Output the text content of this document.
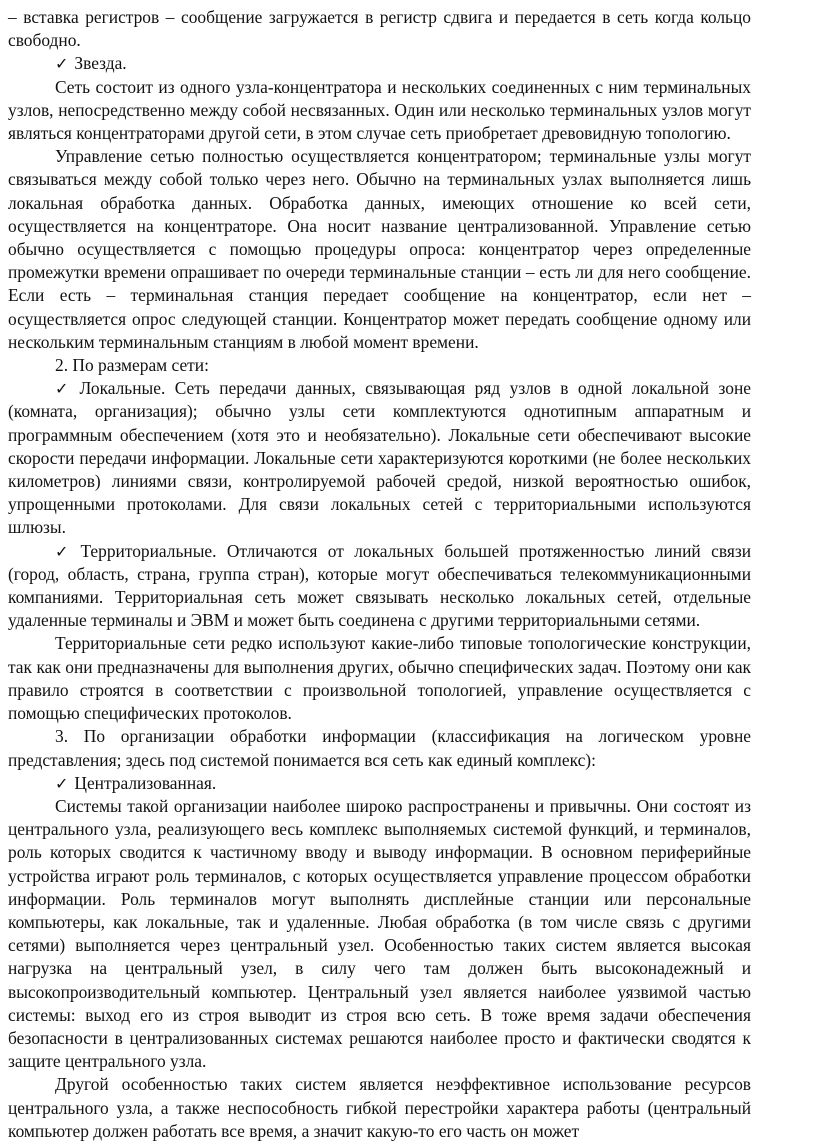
– вставка регистров – сообщение загружается в регистр сдвига и передается в сеть когда кольцо свободно.

✓ Звезда.

Сеть состоит из одного узла-концентратора и нескольких соединенных с ним терминальных узлов, непосредственно между собой несвязанных. Один или несколько терминальных узлов могут являться концентраторами другой сети, в этом случае сеть приобретает древовидную топологию.

Управление сетью полностью осуществляется концентратором; терминальные узлы могут связываться между собой только через него. Обычно на терминальных узлах выполняется лишь локальная обработка данных. Обработка данных, имеющих отношение ко всей сети, осуществляется на концентраторе. Она носит название централизованной. Управление сетью обычно осуществляется с помощью процедуры опроса: концентратор через определенные промежутки времени опрашивает по очереди терминальные станции – есть ли для него сообщение. Если есть – терминальная станция передает сообщение на концентратор, если нет – осуществляется опрос следующей станции. Концентратор может передать сообщение одному или нескольким терминальным станциям в любой момент времени.

2. По размерам сети:

✓ Локальные. Сеть передачи данных, связывающая ряд узлов в одной локальной зоне (комната, организация); обычно узлы сети комплектуются однотипным аппаратным и программным обеспечением (хотя это и необязательно). Локальные сети обеспечивают высокие скорости передачи информации. Локальные сети характеризуются короткими (не более нескольких километров) линиями связи, контролируемой рабочей средой, низкой вероятностью ошибок, упрощенными протоколами. Для связи локальных сетей с территориальными используются шлюзы.

✓ Территориальные. Отличаются от локальных большей протяженностью линий связи (город, область, страна, группа стран), которые могут обеспечиваться телекоммуникационными компаниями. Территориальная сеть может связывать несколько локальных сетей, отдельные удаленные терминалы и ЭВМ и может быть соединена с другими территориальными сетями.

Территориальные сети редко используют какие-либо типовые топологические конструкции, так как они предназначены для выполнения других, обычно специфических задач. Поэтому они как правило строятся в соответствии с произвольной топологией, управление осуществляется с помощью специфических протоколов.

3. По организации обработки информации (классификация на логическом уровне представления; здесь под системой понимается вся сеть как единый комплекс):

✓ Централизованная.

Системы такой организации наиболее широко распространены и привычны. Они состоят из центрального узла, реализующего весь комплекс выполняемых системой функций, и терминалов, роль которых сводится к частичному вводу и выводу информации. В основном периферийные устройства играют роль терминалов, с которых осуществляется управление процессом обработки информации. Роль терминалов могут выполнять дисплейные станции или персональные компьютеры, как локальные, так и удаленные. Любая обработка (в том числе связь с другими сетями) выполняется через центральный узел. Особенностью таких систем является высокая нагрузка на центральный узел, в силу чего там должен быть высоконадежный и высокопроизводительный компьютер. Центральный узел является наиболее уязвимой частью системы: выход его из строя выводит из строя всю сеть. В тоже время задачи обеспечения безопасности в централизованных системах решаются наиболее просто и фактически сводятся к защите центрального узла.

Другой особенностью таких систем является неэффективное использование ресурсов центрального узла, а также неспособность гибкой перестройки характера работы (центральный компьютер должен работать все время, а значит какую-то его часть он может
